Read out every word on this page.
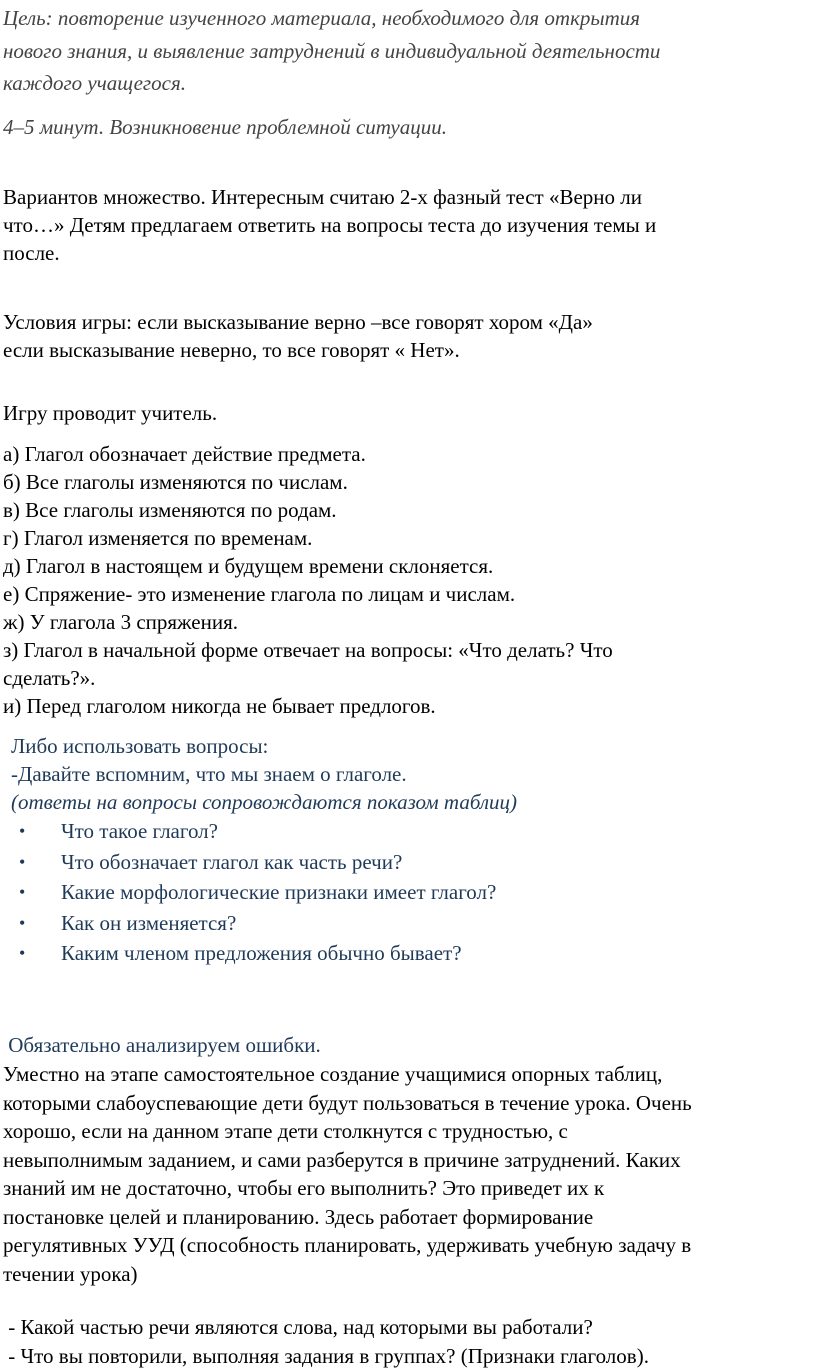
Цель: повторение изученного материала, необходимого для открытия

нового знания, и выявление затруднений в индивидуальной деятельности

каждого учащегося.

4–5 минут. Возникновение проблемной ситуации.

Вариантов множество. Интересным считаю 2-х фазный тест «Верно ли

что…» Детям предлагаем ответить на вопросы теста до изучения темы и

после.

Условия игры: если высказывание верно –все говорят хором «Да»

если высказывание неверно, то все говорят « Нет».

Игру проводит учитель.

а) Глагол обозначает действие предмета.

б) Все глаголы изменяются по числам.

в) Все глаголы изменяются по родам.

г) Глагол изменяется по временам.

д) Глагол в настоящем и будущем времени склоняется.

е) Спряжение- это изменение глагола по лицам и числам.

ж) У глагола 3 спряжения.

з) Глагол в начальной форме отвечает на вопросы: «Что делать? Что

сделать?».

и) Перед глаголом никогда не бывает предлогов.

Либо использовать вопросы:

-Давайте вспомним, что мы знаем о глаголе.

(ответы на вопросы сопровождаются показом таблиц)

•	Что такое глагол?
•	Что обозначает глагол как часть речи?
•	Какие морфологические признаки имеет глагол?
•	Как он изменяется?
•	Каким членом предложения обычно бывает?

Обязательно анализируем ошибки.

Уместно на этапе самостоятельное создание учащимися опорных таблиц,

которыми слабоуспевающие дети будут пользоваться в течение урока. Очень

хорошо, если на данном этапе дети столкнутся с трудностью, с

невыполнимым заданием, и сами разберутся в причине затруднений. Каких

знаний им не достаточно, чтобы его выполнить? Это приведет их к

постановке целей и планированию. Здесь работает формирование

регулятивных УУД (способность планировать, удерживать учебную задачу в

течении урока)

- Какой частью речи являются слова, над которыми вы работали?

- Что вы повторили, выполняя задания в группах? (Признаки глаголов).
